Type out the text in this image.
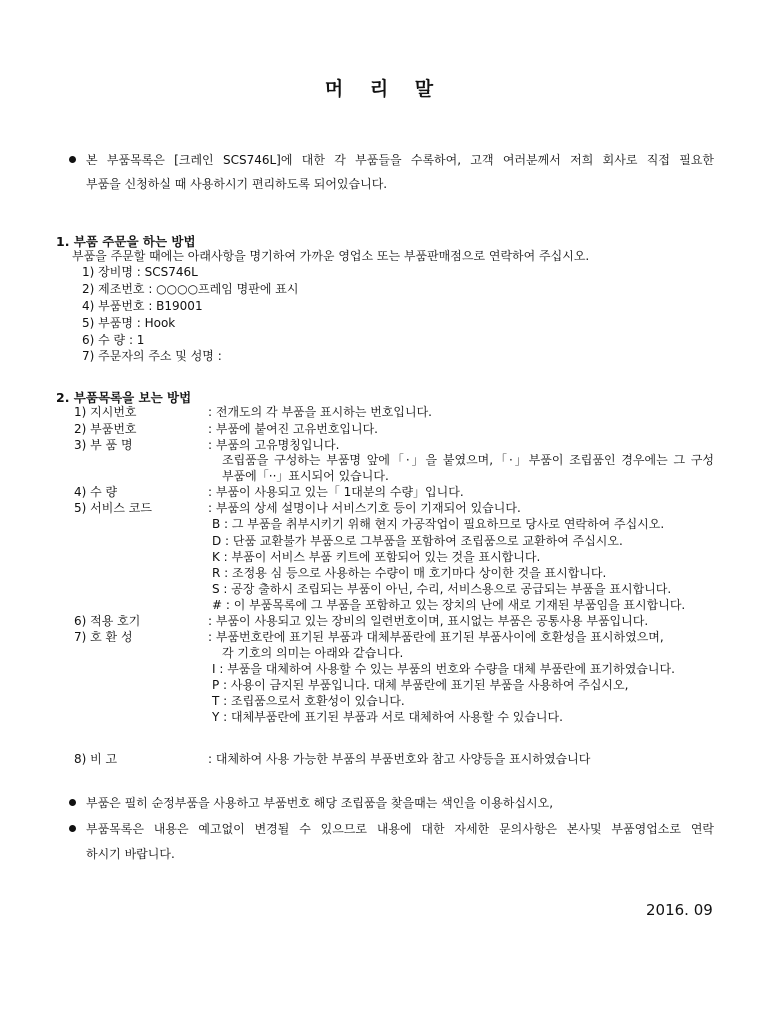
머 리 말
본 부품목록은 [크레인 SCS746L]에 대한 각 부품들을 수록하여, 고객 여러분께서 저희 회사로 직접 필요한
부품을 신청하실 때 사용하시기 편리하도록 되어있습니다.
1. 부품 주문을 하는 방법
부품을 주문할 때에는 아래사항을 명기하여 가까운 영업소 또는 부품판매점으로 연락하여 주십시오.
1) 장비명 : SCS746L
2) 제조번호 : ○○○○프레임 명판에 표시
4) 부품번호 : B19001
5) 부품명 : Hook
6) 수 량 : 1
7) 주문자의 주소 및 성명 :
2. 부품목록을 보는 방법
1) 지시번호	: 전개도의 각 부품을 표시하는 번호입니다.
2) 부품번호	: 부품에 붙여진 고유번호입니다.
3) 부 품 명	: 부품의 고유명칭입니다.
조립품을 구성하는 부품명 앞에「·」을 붙였으며,「·」부품이 조립품인 경우에는 그 구성
부품에「··」표시되어 있습니다.
4) 수 량	: 부품이 사용되고 있는「 1대분의 수량」입니다.
5) 서비스 코드	: 부품의 상세 설명이나 서비스기호 등이 기재되어 있습니다.
B : 그 부품을 취부시키기 위해 현지 가공작업이 필요하므로 당사로 연락하여 주십시오.
D : 단품 교환불가 부품으로 그부품을 포함하여 조립품으로 교환하여 주십시오.
K : 부품이 서비스 부품 키트에 포함되어 있는 것을 표시합니다.
R : 조정용 심 등으로 사용하는 수량이 매 호기마다 상이한 것을 표시합니다.
S : 공장 출하시 조립되는 부품이 아닌, 수리, 서비스용으로 공급되는 부품을 표시합니다.
# : 이 부품목록에 그 부품을 포함하고 있는 장치의 난에 새로 기재된 부품임을 표시합니다.
6) 적용 호기	: 부품이 사용되고 있는 장비의 일련번호이며, 표시없는 부품은 공통사용 부품입니다.
7) 호 환 성	: 부품번호란에 표기된 부품과 대체부품란에 표기된 부품사이에 호환성을 표시하였으며,
각 기호의 의미는 아래와 같습니다.
I : 부품을 대체하여 사용할 수 있는 부품의 번호와 수량을 대체 부품란에 표기하였습니다.
P : 사용이 금지된 부품입니다. 대체 부품란에 표기된 부품을 사용하여 주십시오,
T : 조립품으로서 호환성이 있습니다.
Y : 대체부품란에 표기된 부품과 서로 대체하여 사용할 수 있습니다.
8) 비 고	: 대체하여 사용 가능한 부품의 부품번호와 참고 사양등을 표시하였습니다
부품은 필히 순정부품을 사용하고 부품번호 해당 조립품을 찾을때는 색인을 이용하십시오,
부품목록은 내용은 예고없이 변경될 수 있으므로 내용에 대한 자세한 문의사항은 본사및 부품영업소로 연락
하시기 바랍니다.
2016. 09
